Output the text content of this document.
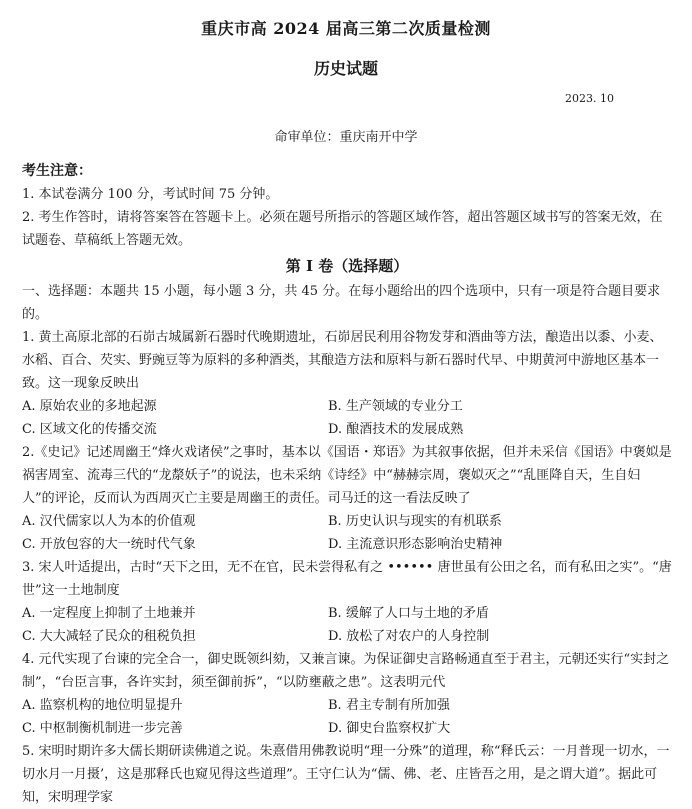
重庆市高 2024 届高三第二次质量检测
历史试题
2023. 10
命审单位：重庆南开中学

考生注意：

1. 本试卷满分 100 分，考试时间 75 分钟。

2. 考生作答时，请将答案答在答题卡上。必须在题号所指示的答题区域作答，超出答题区域书写的答案无效，在试题卷、草稿纸上答题无效。

第 I 卷（选择题）

一、选择题：本题共 15 小题，每小题 3 分，共 45 分。在每小题给出的四个选项中，只有一项是符合题目要求的。

1. 黄土高原北部的石峁古城属新石器时代晚期遗址，石峁居民利用谷物发芽和酒曲等方法，酿造出以黍、小麦、水稻、百合、芡实、野豌豆等为原料的多种酒类，其酿造方法和原料与新石器时代早、中期黄河中游地区基本一致。这一现象反映出

A. 原始农业的多地起源	B. 生产领域的专业分工
C. 区域文化的传播交流	D. 酿酒技术的发展成熟

2.《史记》记述周幽王“烽火戏诸侯”之事时，基本以《国语・郑语》为其叙事依据，但并未采信《国语》中褒姒是祸害周室、流毒三代的“龙漦妖子”的说法，也未采纳《诗经》中“赫赫宗周，褒姒灭之”“乱匪降自天，生自妇人”的评论，反而认为西周灭亡主要是周幽王的责任。司马迁的这一看法反映了

A. 汉代儒家以人为本的价值观	B. 历史认识与现实的有机联系
C. 开放包容的大一统时代气象	D. 主流意识形态影响治史精神

3. 宋人叶适提出，古时“天下之田，无不在官，民未尝得私有之 •••••• 唐世虽有公田之名，而有私田之实”。“唐世”这一土地制度

A. 一定程度上抑制了土地兼并	B. 缓解了人口与土地的矛盾
C. 大大减轻了民众的租税负担	D. 放松了对农户的人身控制

4. 元代实现了台谏的完全合一，御史既领纠劾，又兼言谏。为保证御史言路畅通直至于君主，元朝还实行“实封之制”，“台臣言事，各许实封，须至御前拆”，“以防壅蔽之患”。这表明元代

A. 监察机构的地位明显提升	B. 君主专制有所加强
C. 中枢制衡机制进一步完善	D. 御史台监察权扩大

5. 宋明时期许多大儒长期研读佛道之说。朱熹借用佛教说明“理一分殊”的道理，称“释氏云：一月普现一切水，一切水月一月摄’，这是那释氏也窥见得这些道理”。王守仁认为“儒、佛、老、庄皆吾之用，是之谓大道”。据此可知，宋明理学家
